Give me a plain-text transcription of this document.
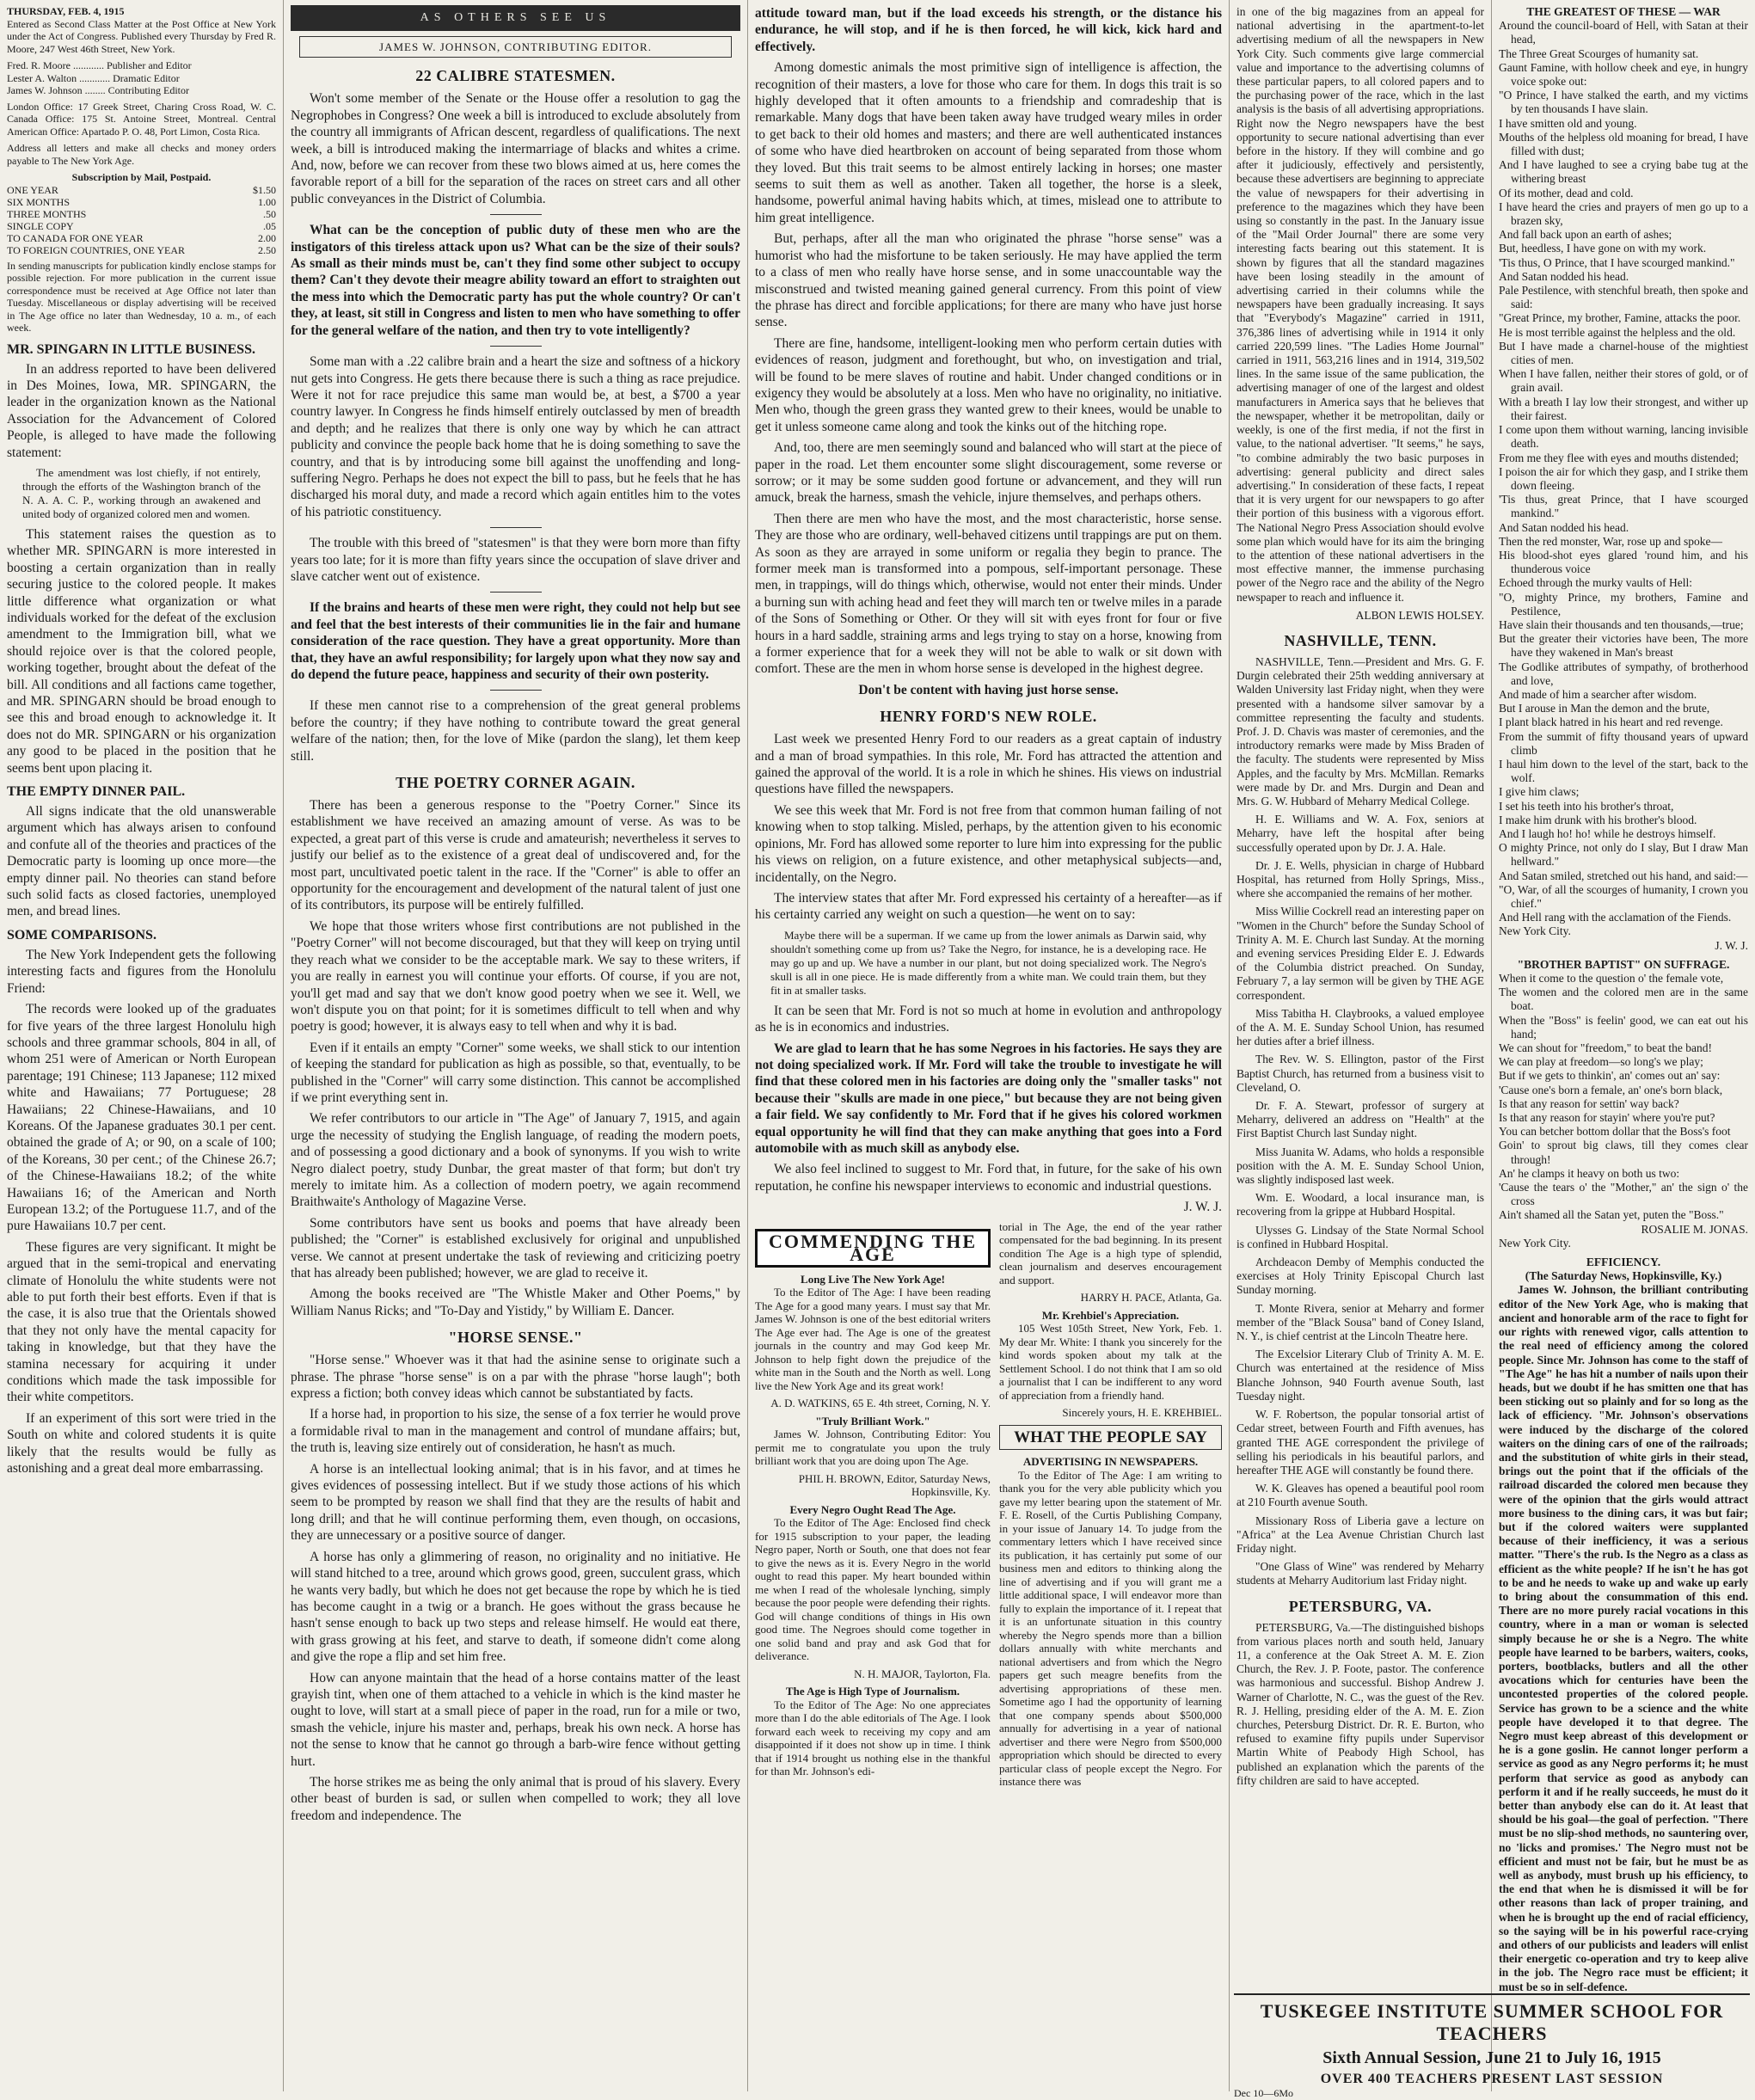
THURSDAY, FEB. 4, 1915

Entered as Second Class Matter at the Post Office at New York under the Act of Congress. Published every Thursday by Fred R. Moore, 247 West 46th Street, New York.

Fred. R. Moore ............ Publisher and Editor
Lester A. Walton ............ Dramatic Editor
James W. Johnson ........ Contributing Editor

London Office: 17 Greek Street, Charing Cross Road, W. C. Canada Office: 175 St. Antoine Street, Montreal. Central American Office: Apartado P. O. 48, Port Limon, Costa Rica.

Address all letters and make all checks and money orders payable to The New York Age.

Subscription by Mail, Postpaid.
ONE YEAR	$1.50
SIX MONTHS	1.00
THREE MONTHS	.50
SINGLE COPY	.05
TO CANADA FOR ONE YEAR	2.00
TO FOREIGN COUNTRIES, ONE YEAR	2.50

In sending manuscripts for publication kindly enclose stamps for possible rejection. For more publication in the current issue correspondence must be received at Age Office not later than Tuesday. Miscellaneous or display advertising will be received in The Age office no later than Wednesday, 10 a. m., of each week.

MR. SPINGARN IN LITTLE BUSINESS.

In an address reported to have been delivered in Des Moines, Iowa, MR. SPINGARN, the leader in the organization known as the National Association for the Advancement of Colored People, is alleged to have made the following statement:

The amendment was lost chiefly, if not entirely, through the efforts of the Washington branch of the N. A. A. C. P., working through an awakened and united body of organized colored men and women.

This statement raises the question as to whether MR. SPINGARN is more interested in boosting a certain organization than in really securing justice to the colored people. It makes little difference what organization or what individuals worked for the defeat of the exclusion amendment to the Immigration bill, what we should rejoice over is that the colored people, working together, brought about the defeat of the bill. All conditions and all factions came together, and MR. SPINGARN should be broad enough to see this and broad enough to acknowledge it. It does not do MR. SPINGARN or his organization any good to be placed in the position that he seems bent upon placing it.

THE EMPTY DINNER PAIL.

All signs indicate that the old unanswerable argument which has always arisen to confound and confute all of the theories and practices of the Democratic party is looming up once more—the empty dinner pail. No theories can stand before such solid facts as closed factories, unemployed men, and bread lines.

SOME COMPARISONS.

The New York Independent gets the following interesting facts and figures from the Honolulu Friend:

The records were looked up of the graduates for five years of the three largest Honolulu high schools and three grammar schools, 804 in all, of whom 251 were of American or North European parentage; 191 Chinese; 113 Japanese; 112 mixed white and Hawaiians; 77 Portuguese; 28 Hawaiians; 22 Chinese-Hawaiians, and 10 Koreans. Of the Japanese graduates 30.1 per cent. obtained the grade of A; or 90, on a scale of 100; of the Koreans, 30 per cent.; of the Chinese 26.7; of the Chinese-Hawaiians 18.2; of the white Hawaiians 16; of the American and North European 13.2; of the Portuguese 11.7, and of the pure Hawaiians 10.7 per cent.

These figures are very significant. It might be argued that in the semi-tropical and enervating climate of Honolulu the white students were not able to put forth their best efforts. Even if that is the case, it is also true that the Orientals showed that they not only have the mental capacity for taking in knowledge, but that they have the stamina necessary for acquiring it under conditions which made the task impossible for their white competitors.

If an experiment of this sort were tried in the South on white and colored students it is quite likely that the results would be fully as astonishing and a great deal more embarrassing.

AS OTHERS SEE US
JAMES W. JOHNSON, CONTRIBUTING EDITOR.
22 CALIBRE STATESMEN.

Won't some member of the Senate or the House offer a resolution to gag the Negrophobes in Congress? One week a bill is introduced to exclude absolutely from the country all immigrants of African descent, regardless of qualifications. The next week, a bill is introduced making the intermarriage of blacks and whites a crime. And, now, before we can recover from these two blows aimed at us, here comes the favorable report of a bill for the separation of the races on street cars and all other public conveyances in the District of Columbia.

What can be the conception of public duty of these men who are the instigators of this tireless attack upon us? What can be the size of their souls? As small as their minds must be, can't they find some other subject to occupy them? Can't they devote their meagre ability toward an effort to straighten out the mess into which the Democratic party has put the whole country? Or can't they, at least, sit still in Congress and listen to men who have something to offer for the general welfare of the nation, and then try to vote intelligently?

Some man with a .22 calibre brain and a heart the size and softness of a hickory nut gets into Congress. He gets there because there is such a thing as race prejudice. Were it not for race prejudice this same man would be, at best, a $700 a year country lawyer. In Congress he finds himself entirely outclassed by men of breadth and depth; and he realizes that there is only one way by which he can attract publicity and convince the people back home that he is doing something to save the country, and that is by introducing some bill against the unoffending and long-suffering Negro. Perhaps he does not expect the bill to pass, but he feels that he has discharged his moral duty, and made a record which again entitles him to the votes of his patriotic constituency.

The trouble with this breed of "statesmen" is that they were born more than fifty years too late; for it is more than fifty years since the occupation of slave driver and slave catcher went out of existence.

If the brains and hearts of these men were right, they could not help but see and feel that the best interests of their communities lie in the fair and humane consideration of the race question. They have a great opportunity. More than that, they have an awful responsibility; for largely upon what they now say and do depend the future peace, happiness and security of their own posterity.

If these men cannot rise to a comprehension of the great general problems before the country; if they have nothing to contribute toward the great general welfare of the nation; then, for the love of Mike (pardon the slang), let them keep still.

THE POETRY CORNER AGAIN.

There has been a generous response to the "Poetry Corner." Since its establishment we have received an amazing amount of verse. As was to be expected, a great part of this verse is crude and amateurish; nevertheless it serves to justify our belief as to the existence of a great deal of undiscovered and, for the most part, uncultivated poetic talent in the race. If the "Corner" is able to offer an opportunity for the encouragement and development of the natural talent of just one of its contributors, its purpose will be entirely fulfilled.

We hope that those writers whose first contributions are not published in the "Poetry Corner" will not become discouraged, but that they will keep on trying until they reach what we consider to be the acceptable mark. We say to these writers, if you are really in earnest you will continue your efforts. Of course, if you are not, you'll get mad and say that we don't know good poetry when we see it. Well, we won't dispute you on that point; for it is sometimes difficult to tell when and why poetry is good; however, it is always easy to tell when and why it is bad.

Even if it entails an empty "Corner" some weeks, we shall stick to our intention of keeping the standard for publication as high as possible, so that, eventually, to be published in the "Corner" will carry some distinction. This cannot be accomplished if we print everything sent in.

We refer contributors to our article in "The Age" of January 7, 1915, and again urge the necessity of studying the English language, of reading the modern poets, and of possessing a good dictionary and a book of synonyms. If you wish to write Negro dialect poetry, study Dunbar, the great master of that form; but don't try merely to imitate him. As a collection of modern poetry, we again recommend Braithwaite's Anthology of Magazine Verse.

Some contributors have sent us books and poems that have already been published; the "Corner" is established exclusively for original and unpublished verse. We cannot at present undertake the task of reviewing and criticizing poetry that has already been published; however, we are glad to receive it.

Among the books received are "The Whistle Maker and Other Poems," by William Nanus Ricks; and "To-Day and Yistidy," by William E. Dancer.

"HORSE SENSE."

"Horse sense." Whoever was it that had the asinine sense to originate such a phrase. The phrase "horse sense" is on a par with the phrase "horse laugh"; both express a fiction; both convey ideas which cannot be substantiated by facts.

If a horse had, in proportion to his size, the sense of a fox terrier he would prove a formidable rival to man in the management and control of mundane affairs; but, the truth is, leaving size entirely out of consideration, he hasn't as much.

A horse is an intellectual looking animal; that is in his favor, and at times he gives evidences of possessing intellect. But if we study those actions of his which seem to be prompted by reason we shall find that they are the results of habit and long drill; and that he will continue performing them, even though, on occasions, they are unnecessary or a positive source of danger.

A horse has only a glimmering of reason, no originality and no initiative. He will stand hitched to a tree, around which grows good, green, succulent grass, which he wants very badly, but which he does not get because the rope by which he is tied has become caught in a twig or a branch. He goes without the grass because he hasn't sense enough to back up two steps and release himself. He would eat there, with grass growing at his feet, and starve to death, if someone didn't come along and give the rope a flip and set him free.

How can anyone maintain that the head of a horse contains matter of the least grayish tint, when one of them attached to a vehicle in which is the kind master he ought to love, will start at a small piece of paper in the road, run for a mile or two, smash the vehicle, injure his master and, perhaps, break his own neck. A horse has not the sense to know that he cannot go through a barb-wire fence without getting hurt.

The horse strikes me as being the only animal that is proud of his slavery. Every other beast of burden is sad, or sullen when compelled to work; they all love freedom and independence. The

attitude toward man, but if the load exceeds his strength, or the distance his endurance, he will stop, and if he is then forced, he will kick, kick hard and effectively.

Among domestic animals the most primitive sign of intelligence is affection, the recognition of their masters, a love for those who care for them. In dogs this trait is so highly developed that it often amounts to a friendship and comradeship that is remarkable. Many dogs that have been taken away have trudged weary miles in order to get back to their old homes and masters; and there are well authenticated instances of some who have died heartbroken on account of being separated from those whom they loved. But this trait seems to be almost entirely lacking in horses; one master seems to suit them as well as another. Taken all together, the horse is a sleek, handsome, powerful animal having habits which, at times, mislead one to attribute to him great intelligence.

But, perhaps, after all the man who originated the phrase "horse sense" was a humorist who had the misfortune to be taken seriously. He may have applied the term to a class of men who really have horse sense, and in some unaccountable way the misconstrued and twisted meaning gained general currency. From this point of view the phrase has direct and forcible applications; for there are many who have just horse sense.

There are fine, handsome, intelligent-looking men who perform certain duties with evidences of reason, judgment and forethought, but who, on investigation and trial, will be found to be mere slaves of routine and habit. Under changed conditions or in exigency they would be absolutely at a loss. Men who have no originality, no initiative. Men who, though the green grass they wanted grew to their knees, would be unable to get it unless someone came along and took the kinks out of the hitching rope.

And, too, there are men seemingly sound and balanced who will start at the piece of paper in the road. Let them encounter some slight discouragement, some reverse or sorrow; or it may be some sudden good fortune or advancement, and they will run amuck, break the harness, smash the vehicle, injure themselves, and perhaps others.

Then there are men who have the most, and the most characteristic, horse sense. They are those who are ordinary, well-behaved citizens until trappings are put on them. As soon as they are arrayed in some uniform or regalia they begin to prance. The former meek man is transformed into a pompous, self-important personage. These men, in trappings, will do things which, otherwise, would not enter their minds. Under a burning sun with aching head and feet they will march ten or twelve miles in a parade of the Sons of Something or Other. Or they will sit with eyes front for four or five hours in a hard saddle, straining arms and legs trying to stay on a horse, knowing from a former experience that for a week they will not be able to walk or sit down with comfort. These are the men in whom horse sense is developed in the highest degree.

Don't be content with having just horse sense.

HENRY FORD'S NEW ROLE.

Last week we presented Henry Ford to our readers as a great captain of industry and a man of broad sympathies. In this role, Mr. Ford has attracted the attention and gained the approval of the world. It is a role in which he shines. His views on industrial questions have filled the newspapers.

We see this week that Mr. Ford is not free from that common human failing of not knowing when to stop talking. Misled, perhaps, by the attention given to his economic opinions, Mr. Ford has allowed some reporter to lure him into expressing for the public his views on religion, on a future existence, and other metaphysical subjects—and, incidentally, on the Negro.

The interview states that after Mr. Ford expressed his certainty of a hereafter—as if his certainty carried any weight on such a question—he went on to say:

Maybe there will be a superman. If we came up from the lower animals as Darwin said, why shouldn't something come up from us? Take the Negro, for instance, he is a developing race. He may go up and up. We have a number in our plant, but not doing specialized work. The Negro's skull is all in one piece. He is made differently from a white man. We could train them, but they fit in at smaller tasks.

It can be seen that Mr. Ford is not so much at home in evolution and anthropology as he is in economics and industries.

We are glad to learn that he has some Negroes in his factories. He says they are not doing specialized work. If Mr. Ford will take the trouble to investigate he will find that these colored men in his factories are doing only the "smaller tasks" not because their "skulls are made in one piece," but because they are not being given a fair field. We say confidently to Mr. Ford that if he gives his colored workmen equal opportunity he will find that they can make anything that goes into a Ford automobile with as much skill as anybody else.

We also feel inclined to suggest to Mr. Ford that, in future, for the sake of his own reputation, he confine his newspaper interviews to economic and industrial questions.

J. W. J.

COMMENDING THE AGE
Long Live The New York Age!

To the Editor of The Age: I have been reading The Age for a good many years. I must say that Mr. James W. Johnson is one of the best editorial writers The Age ever had. The Age is one of the greatest journals in the country and may God keep Mr. Johnson to help fight down the prejudice of the white man in the South and the North as well. Long live the New York Age and its great work!

A. D. WATKINS, 65 E. 4th street, Corning, N. Y.

"Truly Brilliant Work."

James W. Johnson, Contributing Editor: You permit me to congratulate you upon the truly brilliant work that you are doing upon The Age.

PHIL H. BROWN, Editor, Saturday News, Hopkinsville, Ky.

Every Negro Ought Read The Age.

To the Editor of The Age: Enclosed find check for 1915 subscription to your paper, the leading Negro paper, North or South, one that does not fear to give the news as it is. Every Negro in the world ought to read this paper. My heart bounded within me when I read of the wholesale lynching, simply because the poor people were defending their rights. God will change conditions of things in His own good time. The Negroes should come together in one solid band and pray and ask God that for deliverance.

N. H. MAJOR, Taylorton, Fla.

The Age is High Type of Journalism.

To the Editor of The Age: No one appreciates more than I do the able editorials of The Age. I look forward each week to receiving my copy and am disappointed if it does not show up in time. I think that if 1914 brought us nothing else in the thankful for than Mr. Johnson's edi-

torial in The Age, the end of the year rather compensated for the bad beginning. In its present condition The Age is a high type of splendid, clean journalism and deserves encouragement and support.

HARRY H. PACE, Atlanta, Ga.

Mr. Krehbiel's Appreciation.

105 West 105th Street, New York, Feb. 1. My dear Mr. White: I thank you sincerely for the kind words spoken about my talk at the Settlement School. I do not think that I am so old a journalist that I can be indifferent to any word of appreciation from a friendly hand.

Sincerely yours, H. E. KREHBIEL.

WHAT THE PEOPLE SAY
ADVERTISING IN NEWSPAPERS.

To the Editor of The Age: I am writing to thank you for the very able publicity which you gave my letter bearing upon the statement of Mr. F. E. Rosell, of the Curtis Publishing Company, in your issue of January 14. To judge from the commentary letters which I have received since its publication, it has certainly put some of our business men and editors to thinking along the line of advertising and if you will grant me a little additional space, I will endeavor more than fully to explain the importance of it. I repeat that it is an unfortunate situation in this country whereby the Negro spends more than a billion dollars annually with white merchants and national advertisers and from which the Negro papers get such meagre benefits from the advertising appropriations of these men. Sometime ago I had the opportunity of learning that one company spends about $500,000 annually for advertising in a year of national advertiser and there were Negro from $500,000 appropriation which should be directed to every particular class of people except the Negro. For instance there was

in one of the big magazines from an appeal for national advertising in the apartment-to-let advertising medium of all the newspapers in New York City. Such comments give large commercial value and importance to the advertising columns of these particular papers, to all colored papers and to the purchasing power of the race, which in the last analysis is the basis of all advertising appropriations. Right now the Negro newspapers have the best opportunity to secure national advertising than ever before in the history. If they will combine and go after it judiciously, effectively and persistently, because these advertisers are beginning to appreciate the value of newspapers for their advertising in preference to the magazines which they have been using so constantly in the past. In the January issue of the "Mail Order Journal" there are some very interesting facts bearing out this statement. It is shown by figures that all the standard magazines have been losing steadily in the amount of advertising carried in their columns while the newspapers have been gradually increasing. It says that "Everybody's Magazine" carried in 1911, 376,386 lines of advertising while in 1914 it only carried 220,599 lines. "The Ladies Home Journal" carried in 1911, 563,216 lines and in 1914, 319,502 lines. In the same issue of the same publication, the advertising manager of one of the largest and oldest manufacturers in America says that he believes that the newspaper, whether it be metropolitan, daily or weekly, is one of the first media, if not the first in value, to the national advertiser. "It seems," he says, "to combine admirably the two basic purposes in advertising: general publicity and direct sales advertising." In consideration of these facts, I repeat that it is very urgent for our newspapers to go after their portion of this business with a vigorous effort. The National Negro Press Association should evolve some plan which would have for its aim the bringing to the attention of these national advertisers in the most effective manner, the immense purchasing power of the Negro race and the ability of the Negro newspaper to reach and influence it.

ALBON LEWIS HOLSEY.

NASHVILLE, TENN.

NASHVILLE, Tenn.—President and Mrs. G. F. Durgin celebrated their 25th wedding anniversary at Walden University last Friday night, when they were presented with a handsome silver samovar by a committee representing the faculty and students. Prof. J. D. Chavis was master of ceremonies, and the introductory remarks were made by Miss Braden of the faculty. The students were represented by Miss Apples, and the faculty by Mrs. McMillan. Remarks were made by Dr. and Mrs. Durgin and Dean and Mrs. G. W. Hubbard of Meharry Medical College.

H. E. Williams and W. A. Fox, seniors at Meharry, have left the hospital after being successfully operated upon by Dr. J. A. Hale.

Dr. J. E. Wells, physician in charge of Hubbard Hospital, has returned from Holly Springs, Miss., where she accompanied the remains of her mother.

Miss Willie Cockrell read an interesting paper on "Women in the Church" before the Sunday School of Trinity A. M. E. Church last Sunday. At the morning and evening services Presiding Elder E. J. Edwards of the Columbia district preached. On Sunday, February 7, a lay sermon will be given by THE AGE correspondent.

Miss Tabitha H. Claybrooks, a valued employee of the A. M. E. Sunday School Union, has resumed her duties after a brief illness.

The Rev. W. S. Ellington, pastor of the First Baptist Church, has returned from a business visit to Cleveland, O.

Dr. F. A. Stewart, professor of surgery at Meharry, delivered an address on "Health" at the First Baptist Church last Sunday night.

Miss Juanita W. Adams, who holds a responsible position with the A. M. E. Sunday School Union, was slightly indisposed last week.

Wm. E. Woodard, a local insurance man, is recovering from la grippe at Hubbard Hospital.

Ulysses G. Lindsay of the State Normal School is confined in Hubbard Hospital.

Archdeacon Demby of Memphis conducted the exercises at Holy Trinity Episcopal Church last Sunday morning.

T. Monte Rivera, senior at Meharry and former member of the "Black Sousa" band of Coney Island, N. Y., is chief centrist at the Lincoln Theatre here.

The Excelsior Literary Club of Trinity A. M. E. Church was entertained at the residence of Miss Blanche Johnson, 940 Fourth avenue South, last Tuesday night.

W. F. Robertson, the popular tonsorial artist of Cedar street, between Fourth and Fifth avenues, has granted THE AGE correspondent the privilege of selling his periodicals in his beautiful parlors, and hereafter THE AGE will constantly be found there.

W. K. Gleaves has opened a beautiful pool room at 210 Fourth avenue South.

Missionary Ross of Liberia gave a lecture on "Africa" at the Lea Avenue Christian Church last Friday night.

"One Glass of Wine" was rendered by Meharry students at Meharry Auditorium last Friday night.

PETERSBURG, VA.

PETERSBURG, Va.—The distinguished bishops from various places north and south held, January 11, a conference at the Oak Street A. M. E. Zion Church, the Rev. J. P. Foote, pastor. The conference was harmonious and successful. Bishop Andrew J. Warner of Charlotte, N. C., was the guest of the Rev. R. J. Helling, presiding elder of the A. M. E. Zion churches, Petersburg District. Dr. R. E. Burton, who refused to examine fifty pupils under Supervisor Martin White of Peabody High School, has published an explanation which the parents of the fifty children are said to have accepted.

THE GREATEST OF THESE — WAR

Around the council-board of Hell, with Satan at their head,

The Three Great Scourges of humanity sat.

Gaunt Famine, with hollow cheek and eye, in hungry voice spoke out:

"O Prince, I have stalked the earth, and my victims by ten thousands I have slain.

I have smitten old and young.

Mouths of the helpless old moaning for bread, I have filled with dust;

And I have laughed to see a crying babe tug at the withering breast

Of its mother, dead and cold.

I have heard the cries and prayers of men go up to a brazen sky,

And fall back upon an earth of ashes;

But, heedless, I have gone on with my work.

'Tis thus, O Prince, that I have scourged mankind."

And Satan nodded his head.

Pale Pestilence, with stenchful breath, then spoke and said:

"Great Prince, my brother, Famine, attacks the poor.

He is most terrible against the helpless and the old.

But I have made a charnel-house of the mightiest cities of men.

When I have fallen, neither their stores of gold, or of grain avail.

With a breath I lay low their strongest, and wither up their fairest.

I come upon them without warning, lancing invisible death.

From me they flee with eyes and mouths distended;

I poison the air for which they gasp, and I strike them down fleeing.

'Tis thus, great Prince, that I have scourged mankind."

And Satan nodded his head.

Then the red monster, War, rose up and spoke—

His blood-shot eyes glared 'round him, and his thunderous voice

Echoed through the murky vaults of Hell:

"O, mighty Prince, my brothers, Famine and Pestilence,

Have slain their thousands and ten thousands,—true;

But the greater their victories have been, The more have they wakened in Man's breast

The Godlike attributes of sympathy, of brotherhood and love,

And made of him a searcher after wisdom.

But I arouse in Man the demon and the brute,

I plant black hatred in his heart and red revenge.

From the summit of fifty thousand years of upward climb

I haul him down to the level of the start, back to the wolf.

I give him claws;

I set his teeth into his brother's throat,

I make him drunk with his brother's blood.

And I laugh ho! ho! while he destroys himself.

O mighty Prince, not only do I slay, But I draw Man hellward."

And Satan smiled, stretched out his hand, and said:—

"O, War, of all the scourges of humanity, I crown you chief."

And Hell rang with the acclamation of the Fiends.

New York City.
J. W. J.
"BROTHER BAPTIST" ON SUFFRAGE.

When it come to the question o' the female vote,

The women and the colored men are in the same boat.

When the "Boss" is feelin' good, we can eat out his hand;

We can shout for "freedom," to beat the band!

We can play at freedom—so long's we play;

But if we gets to thinkin', an' comes out an' say:

'Cause one's born a female, an' one's born black,

Is that any reason for settin' way back?

Is that any reason for stayin' where you're put?

You can betcher bottom dollar that the Boss's foot

Goin' to sprout big claws, till they comes clear through!

An' he clamps it heavy on both us two:

'Cause the tears o' the "Mother," an' the sign o' the cross

Ain't shamed all the Satan yet, puten the "Boss."

ROSALIE M. JONAS.
New York City.
EFFICIENCY.
(The Saturday News, Hopkinsville, Ky.)

James W. Johnson, the brilliant contributing editor of the New York Age, who is making that ancient and honorable arm of the race to fight for our rights with renewed vigor, calls attention to the real need of efficiency among the colored people. Since Mr. Johnson has come to the staff of "The Age" he has hit a number of nails upon their heads, but we doubt if he has smitten one that has been sticking out so plainly and for so long as the lack of efficiency. "Mr. Johnson's observations were induced by the discharge of the colored waiters on the dining cars of one of the railroads; and the substitution of white girls in their stead, brings out the point that if the officials of the railroad discarded the colored men because they were of the opinion that the girls would attract more business to the dining cars, it was but fair; but if the colored waiters were supplanted because of their inefficiency, it was a serious matter. "There's the rub. Is the Negro as a class as efficient as the white people? If he isn't he has got to be and he needs to wake up and wake up early to bring about the consummation of this end. There are no more purely racial vocations in this country, where in a man or woman is selected simply because he or she is a Negro. The white people have learned to be barbers, waiters, cooks, porters, bootblacks, butlers and all the other avocations which for centuries have been the uncontested properties of the colored people. Service has grown to be a science and the white people have developed it to that degree. The Negro must keep abreast of this development or he is a gone goslin. He cannot longer perform a service as good as any Negro performs it; he must perform that service as good as anybody can perform it and if he really succeeds, he must do it better than anybody else can do it. At least that should be his goal—the goal of perfection. "There must be no slip-shod methods, no sauntering over, no 'licks and promises.' The Negro must not be efficient and must not be fair, but he must be as well as anybody, must brush up his efficiency, to the end that when he is dismissed it will be for other reasons than lack of proper training, and when he is brought up the end of racial efficiency, so the saying will be in his powerful race-crying and others of our publicists and leaders will enlist their energetic co-operation and try to keep alive in the job. The Negro race must be efficient; it must be so in self-defence.

TUSKEGEE INSTITUTE SUMMER SCHOOL FOR TEACHERS
Sixth Annual Session, June 21 to July 16, 1915
OVER 400 TEACHERS PRESENT LAST SESSION
Dec 10—6Mo
